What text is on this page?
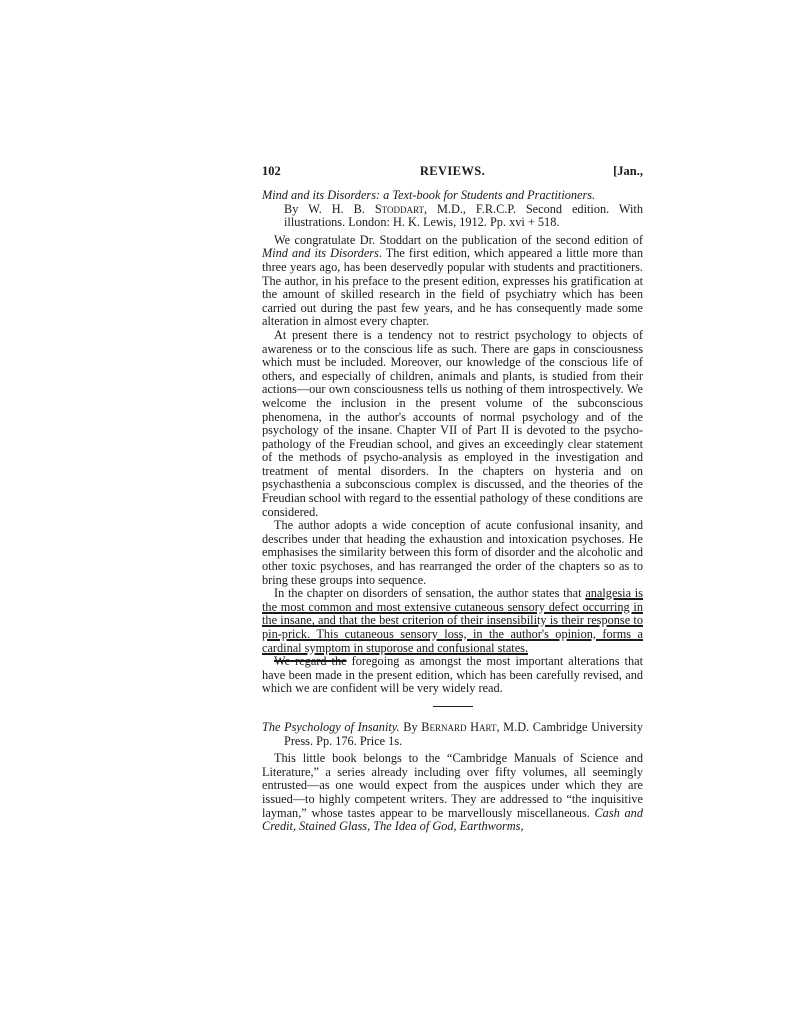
102	REVIEWS.	[Jan.,

Mind and its Disorders: a Text-book for Students and Practitioners.
By W. H. B. Stoddart, M.D., F.R.C.P. Second edition. With illustrations. London: H. K. Lewis, 1912. Pp. xvi + 518.

We congratulate Dr. Stoddart on the publication of the second edition of Mind and its Disorders. The first edition, which appeared a little more than three years ago, has been deservedly popular with students and practitioners. The author, in his preface to the present edition, expresses his gratification at the amount of skilled research in the field of psychiatry which has been carried out during the past few years, and he has consequently made some alteration in almost every chapter.

At present there is a tendency not to restrict psychology to objects of awareness or to the conscious life as such. There are gaps in consciousness which must be included. Moreover, our knowledge of the conscious life of others, and especially of children, animals and plants, is studied from their actions—our own consciousness tells us nothing of them introspectively. We welcome the inclusion in the present volume of the subconscious phenomena, in the author's accounts of normal psychology and of the psychology of the insane. Chapter VII of Part II is devoted to the psycho-pathology of the Freudian school, and gives an exceedingly clear statement of the methods of psycho-analysis as employed in the investigation and treatment of mental disorders. In the chapters on hysteria and on psychasthenia a subconscious complex is discussed, and the theories of the Freudian school with regard to the essential pathology of these conditions are considered.

The author adopts a wide conception of acute confusional insanity, and describes under that heading the exhaustion and intoxication psychoses. He emphasises the similarity between this form of disorder and the alcoholic and other toxic psychoses, and has rearranged the order of the chapters so as to bring these groups into sequence.

In the chapter on disorders of sensation, the author states that analgesia is the most common and most extensive cutaneous sensory defect occurring in the insane, and that the best criterion of their insensibility is their response to pin-prick. This cutaneous sensory loss, in the author's opinion, forms a cardinal symptom in stuporose and confusional states.

We regard the foregoing as amongst the most important alterations that have been made in the present edition, which has been carefully revised, and which we are confident will be very widely read.

The Psychology of Insanity. By Bernard Hart, M.D. Cambridge University Press. Pp. 176. Price 1s.

This little book belongs to the “Cambridge Manuals of Science and Literature,” a series already including over fifty volumes, all seemingly entrusted—as one would expect from the auspices under which they are issued—to highly competent writers. They are addressed to “the inquisitive layman,” whose tastes appear to be marvellously miscellaneous. Cash and Credit, Stained Glass, The Idea of God, Earthworms,
